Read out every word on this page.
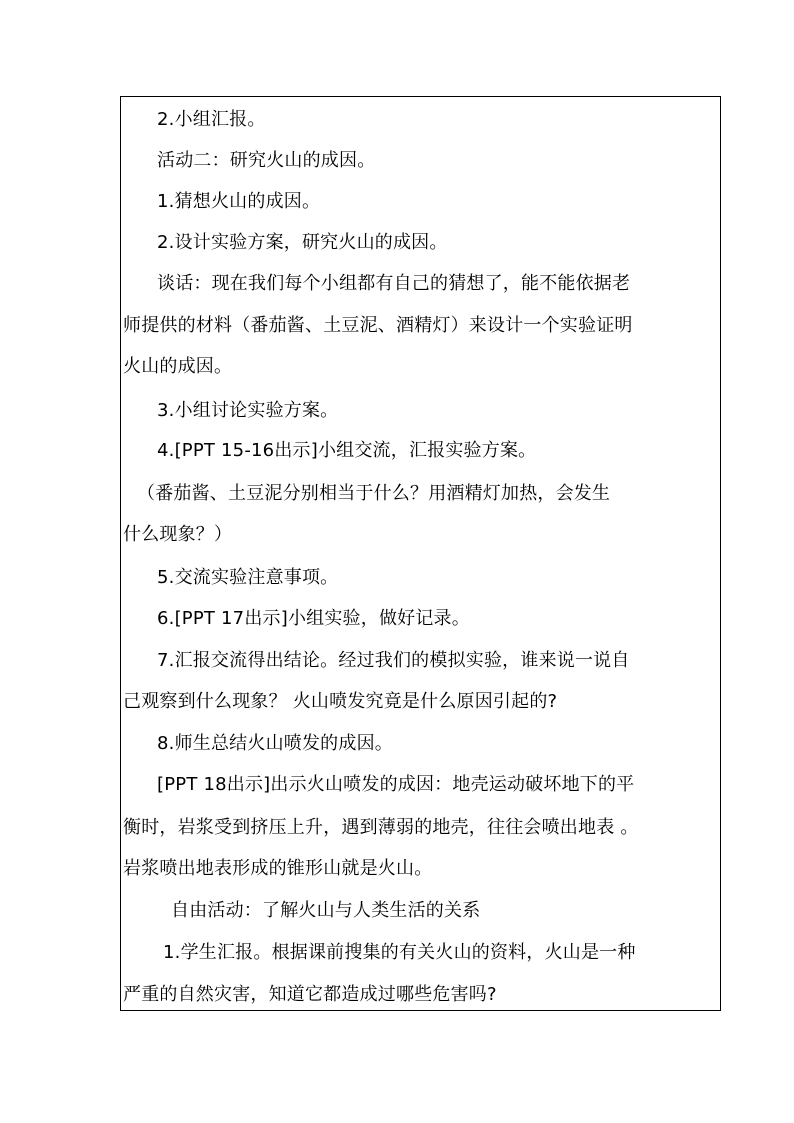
2.小组汇报。
活动二：研究火山的成因。
1.猜想火山的成因。
2.设计实验方案，研究火山的成因。
谈话：现在我们每个小组都有自己的猜想了，能不能依据老
师提供的材料（番茄酱、土豆泥、酒精灯）来设计一个实验证明
火山的成因。
3.小组讨论实验方案。
4.[PPT 15-16出示]小组交流，汇报实验方案。
（番茄酱、土豆泥分别相当于什么？用酒精灯加热，会发生
什么现象？）
5.交流实验注意事项。
6.[PPT 17出示]小组实验，做好记录。
7.汇报交流得出结论。经过我们的模拟实验，谁来说一说自
己观察到什么现象？ 火山喷发究竟是什么原因引起的?
8.师生总结火山喷发的成因。
[PPT 18出示]出示火山喷发的成因：地壳运动破坏地下的平
衡时，岩浆受到挤压上升，遇到薄弱的地壳，往往会喷出地表 。
岩浆喷出地表形成的锥形山就是火山。
自由活动：了解火山与人类生活的关系
1.学生汇报。根据课前搜集的有关火山的资料，火山是一种
严重的自然灾害，知道它都造成过哪些危害吗?
